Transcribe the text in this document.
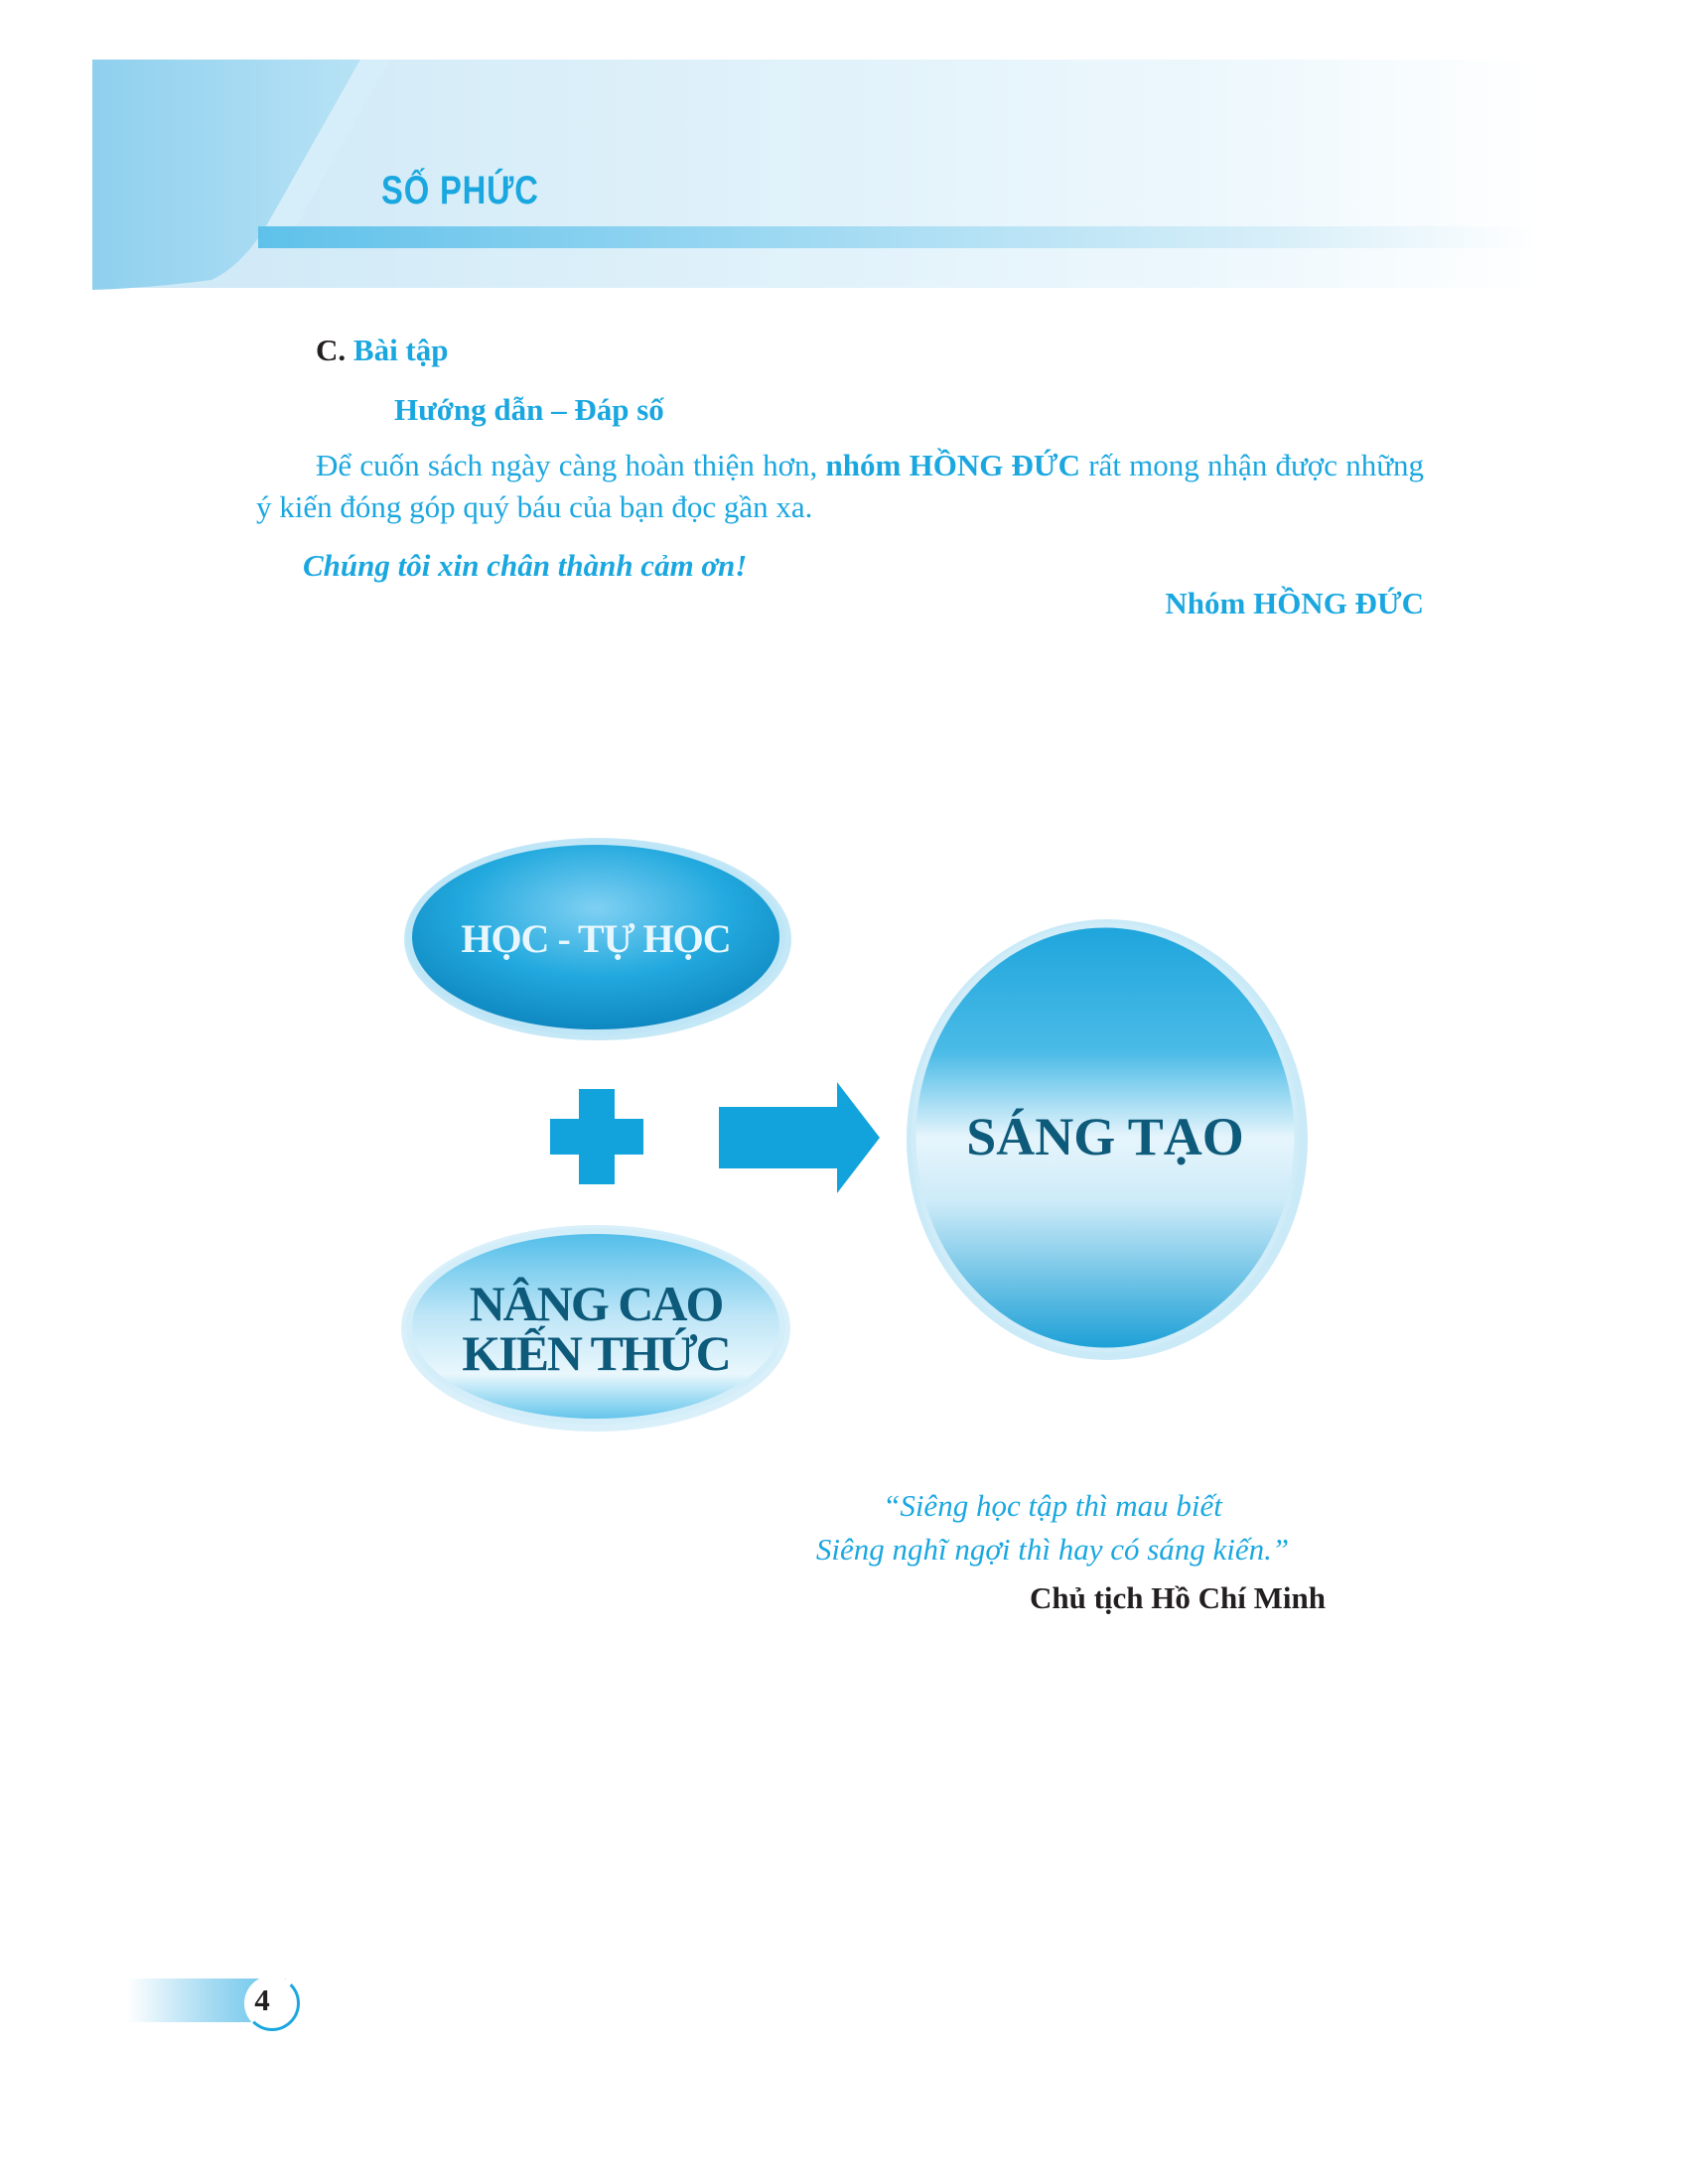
SỐ PHỨC
C. Bài tập
Hướng dẫn – Đáp số
Để cuốn sách ngày càng hoàn thiện hơn, nhóm HỒNG ĐỨC rất mong nhận được những ý kiến đóng góp quý báu của bạn đọc gần xa.
Chúng tôi xin chân thành cảm ơn!
Nhóm HỒNG ĐỨC
HỌC - TỰ HỌC
NÂNG CAO
KIẾN THỨC
SÁNG TẠO
“Siêng học tập thì mau biết
Siêng nghĩ ngợi thì hay có sáng kiến.”
Chủ tịch Hồ Chí Minh
4
